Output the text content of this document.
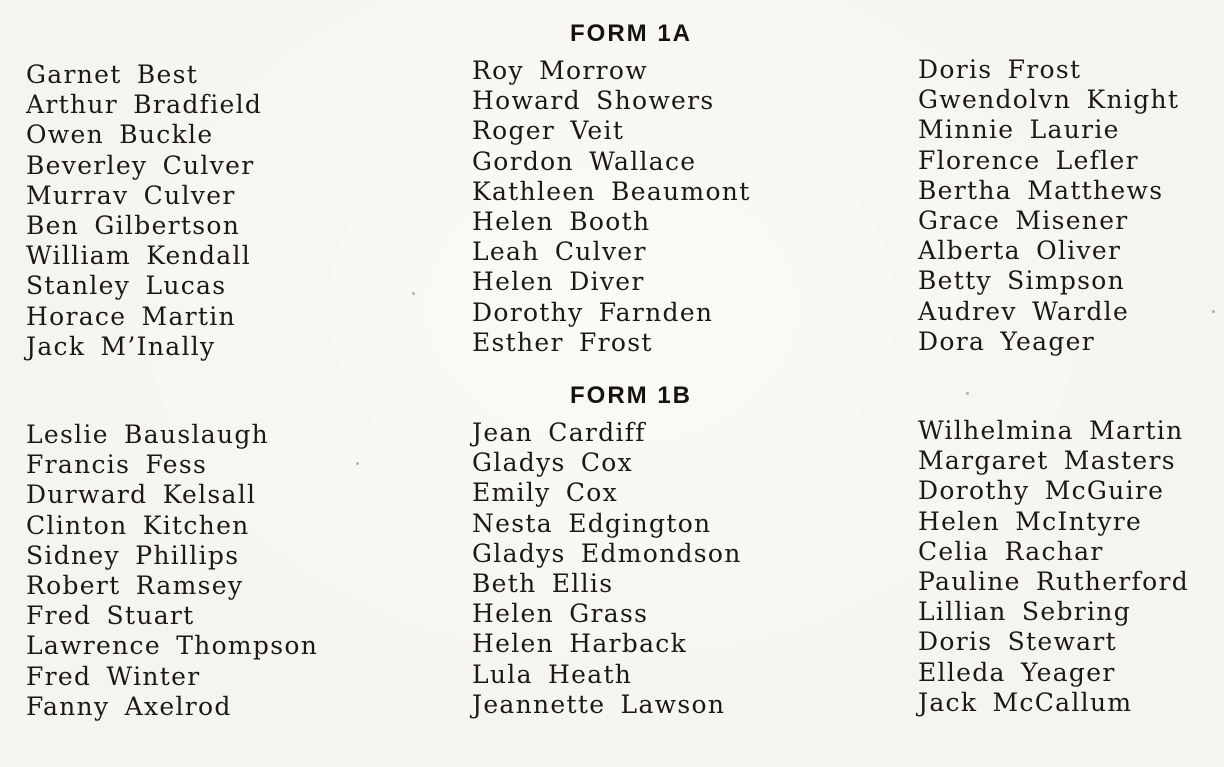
FORM 1A
Garnet Best
Arthur Bradfield
Owen Buckle
Beverley Culver
Murrav Culver
Ben Gilbertson
William Kendall
Stanley Lucas
Horace Martin
Jack M’Inally
Roy Morrow
Howard Showers
Roger Veit
Gordon Wallace
Kathleen Beaumont
Helen Booth
Leah Culver
Helen Diver
Dorothy Farnden
Esther Frost
Doris Frost
Gwendolvn Knight
Minnie Laurie
Florence Lefler
Bertha Matthews
Grace Misener
Alberta Oliver
Betty Simpson
Audrev Wardle
Dora Yeager
FORM 1B
Leslie Bauslaugh
Francis Fess
Durward Kelsall
Clinton Kitchen
Sidney Phillips
Robert Ramsey
Fred Stuart
Lawrence Thompson
Fred Winter
Fanny Axelrod
Jean Cardiff
Gladys Cox
Emily Cox
Nesta Edgington
Gladys Edmondson
Beth Ellis
Helen Grass
Helen Harback
Lula Heath
Jeannette Lawson
Wilhelmina Martin
Margaret Masters
Dorothy McGuire
Helen McIntyre
Celia Rachar
Pauline Rutherford
Lillian Sebring
Doris Stewart
Elleda Yeager
Jack McCallum
